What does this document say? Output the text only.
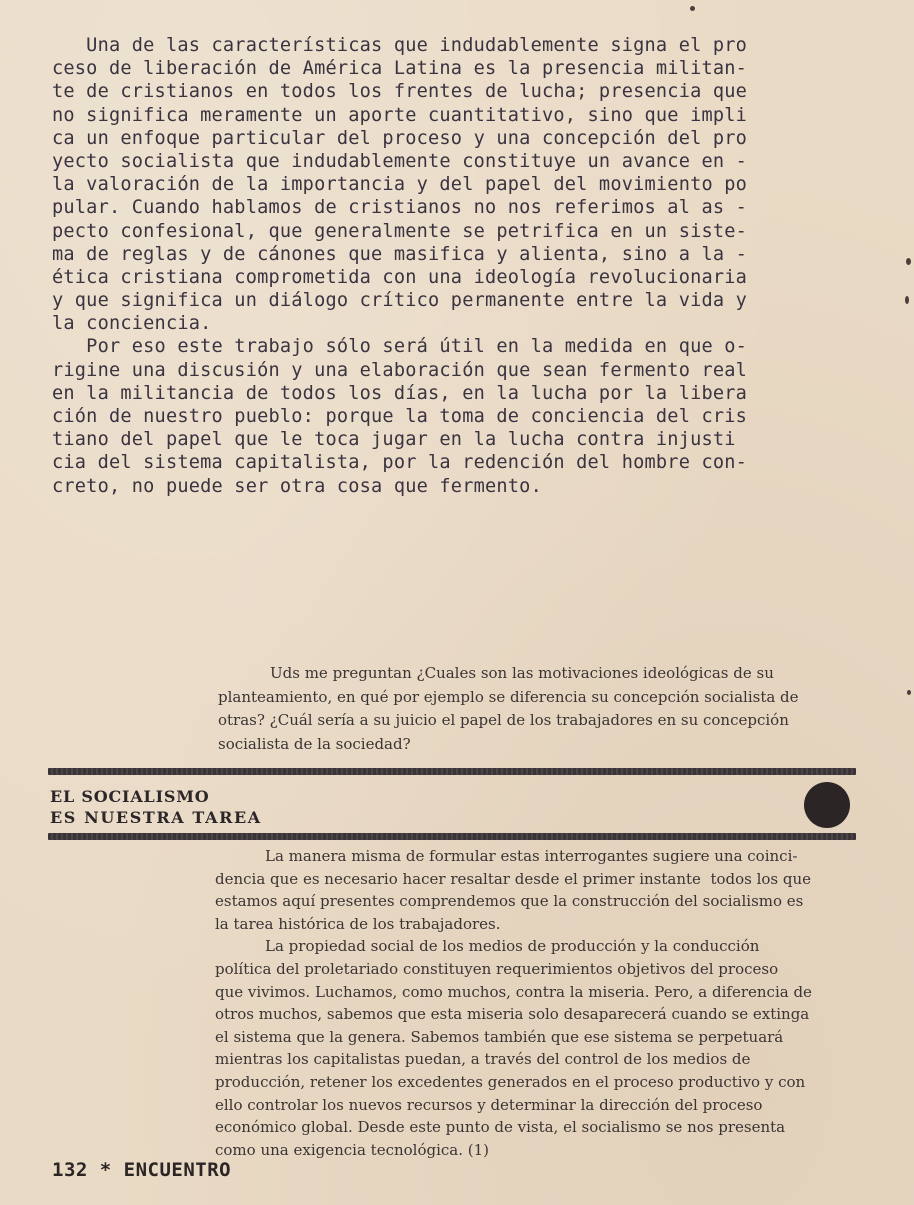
Una de las características que indudablemente signa el pro
ceso de liberación de América Latina es la presencia militan-
te de cristianos en todos los frentes de lucha; presencia que
no significa meramente un aporte cuantitativo, sino que impli
ca un enfoque particular del proceso y una concepción del pro
yecto socialista que indudablemente constituye un avance en -
la valoración de la importancia y del papel del movimiento po
pular. Cuando hablamos de cristianos no nos referimos al as -
pecto confesional, que generalmente se petrifica en un siste-
ma de reglas y de cánones que masifica y alienta, sino a la -
ética cristiana comprometida con una ideología revolucionaria
y que significa un diálogo crítico permanente entre la vida y
la conciencia.
Por eso este trabajo sólo será útil en la medida en que o-
rigine una discusión y una elaboración que sean fermento real
en la militancia de todos los días, en la lucha por la libera
ción de nuestro pueblo: porque la toma de conciencia del cris
tiano del papel que le toca jugar en la lucha contra injusti
cia del sistema capitalista, por la redención del hombre con-
creto, no puede ser otra cosa que fermento.
Uds me preguntan ¿Cuales son las motivaciones ideológicas de su
planteamiento, en qué por ejemplo se diferencia su concepción socialista de
otras? ¿Cuál sería a su juicio el papel de los trabajadores en su concepción
socialista de la sociedad?
EL SOCIALISMO
ES NUESTRA TAREA
La manera misma de formular estas interrogantes sugiere una coinci-
dencia que es necesario hacer resaltar desde el primer instante  todos los que
estamos aquí presentes comprendemos que la construcción del socialismo es
la tarea histórica de los trabajadores.
La propiedad social de los medios de producción y la conducción
política del proletariado constituyen requerimientos objetivos del proceso
que vivimos. Luchamos, como muchos, contra la miseria. Pero, a diferencia de
otros muchos, sabemos que esta miseria solo desaparecerá cuando se extinga
el sistema que la genera. Sabemos también que ese sistema se perpetuará
mientras los capitalistas puedan, a través del control de los medios de
producción, retener los excedentes generados en el proceso productivo y con
ello controlar los nuevos recursos y determinar la dirección del proceso
económico global. Desde este punto de vista, el socialismo se nos presenta
como una exigencia tecnológica. (1)
132 * ENCUENTRO
